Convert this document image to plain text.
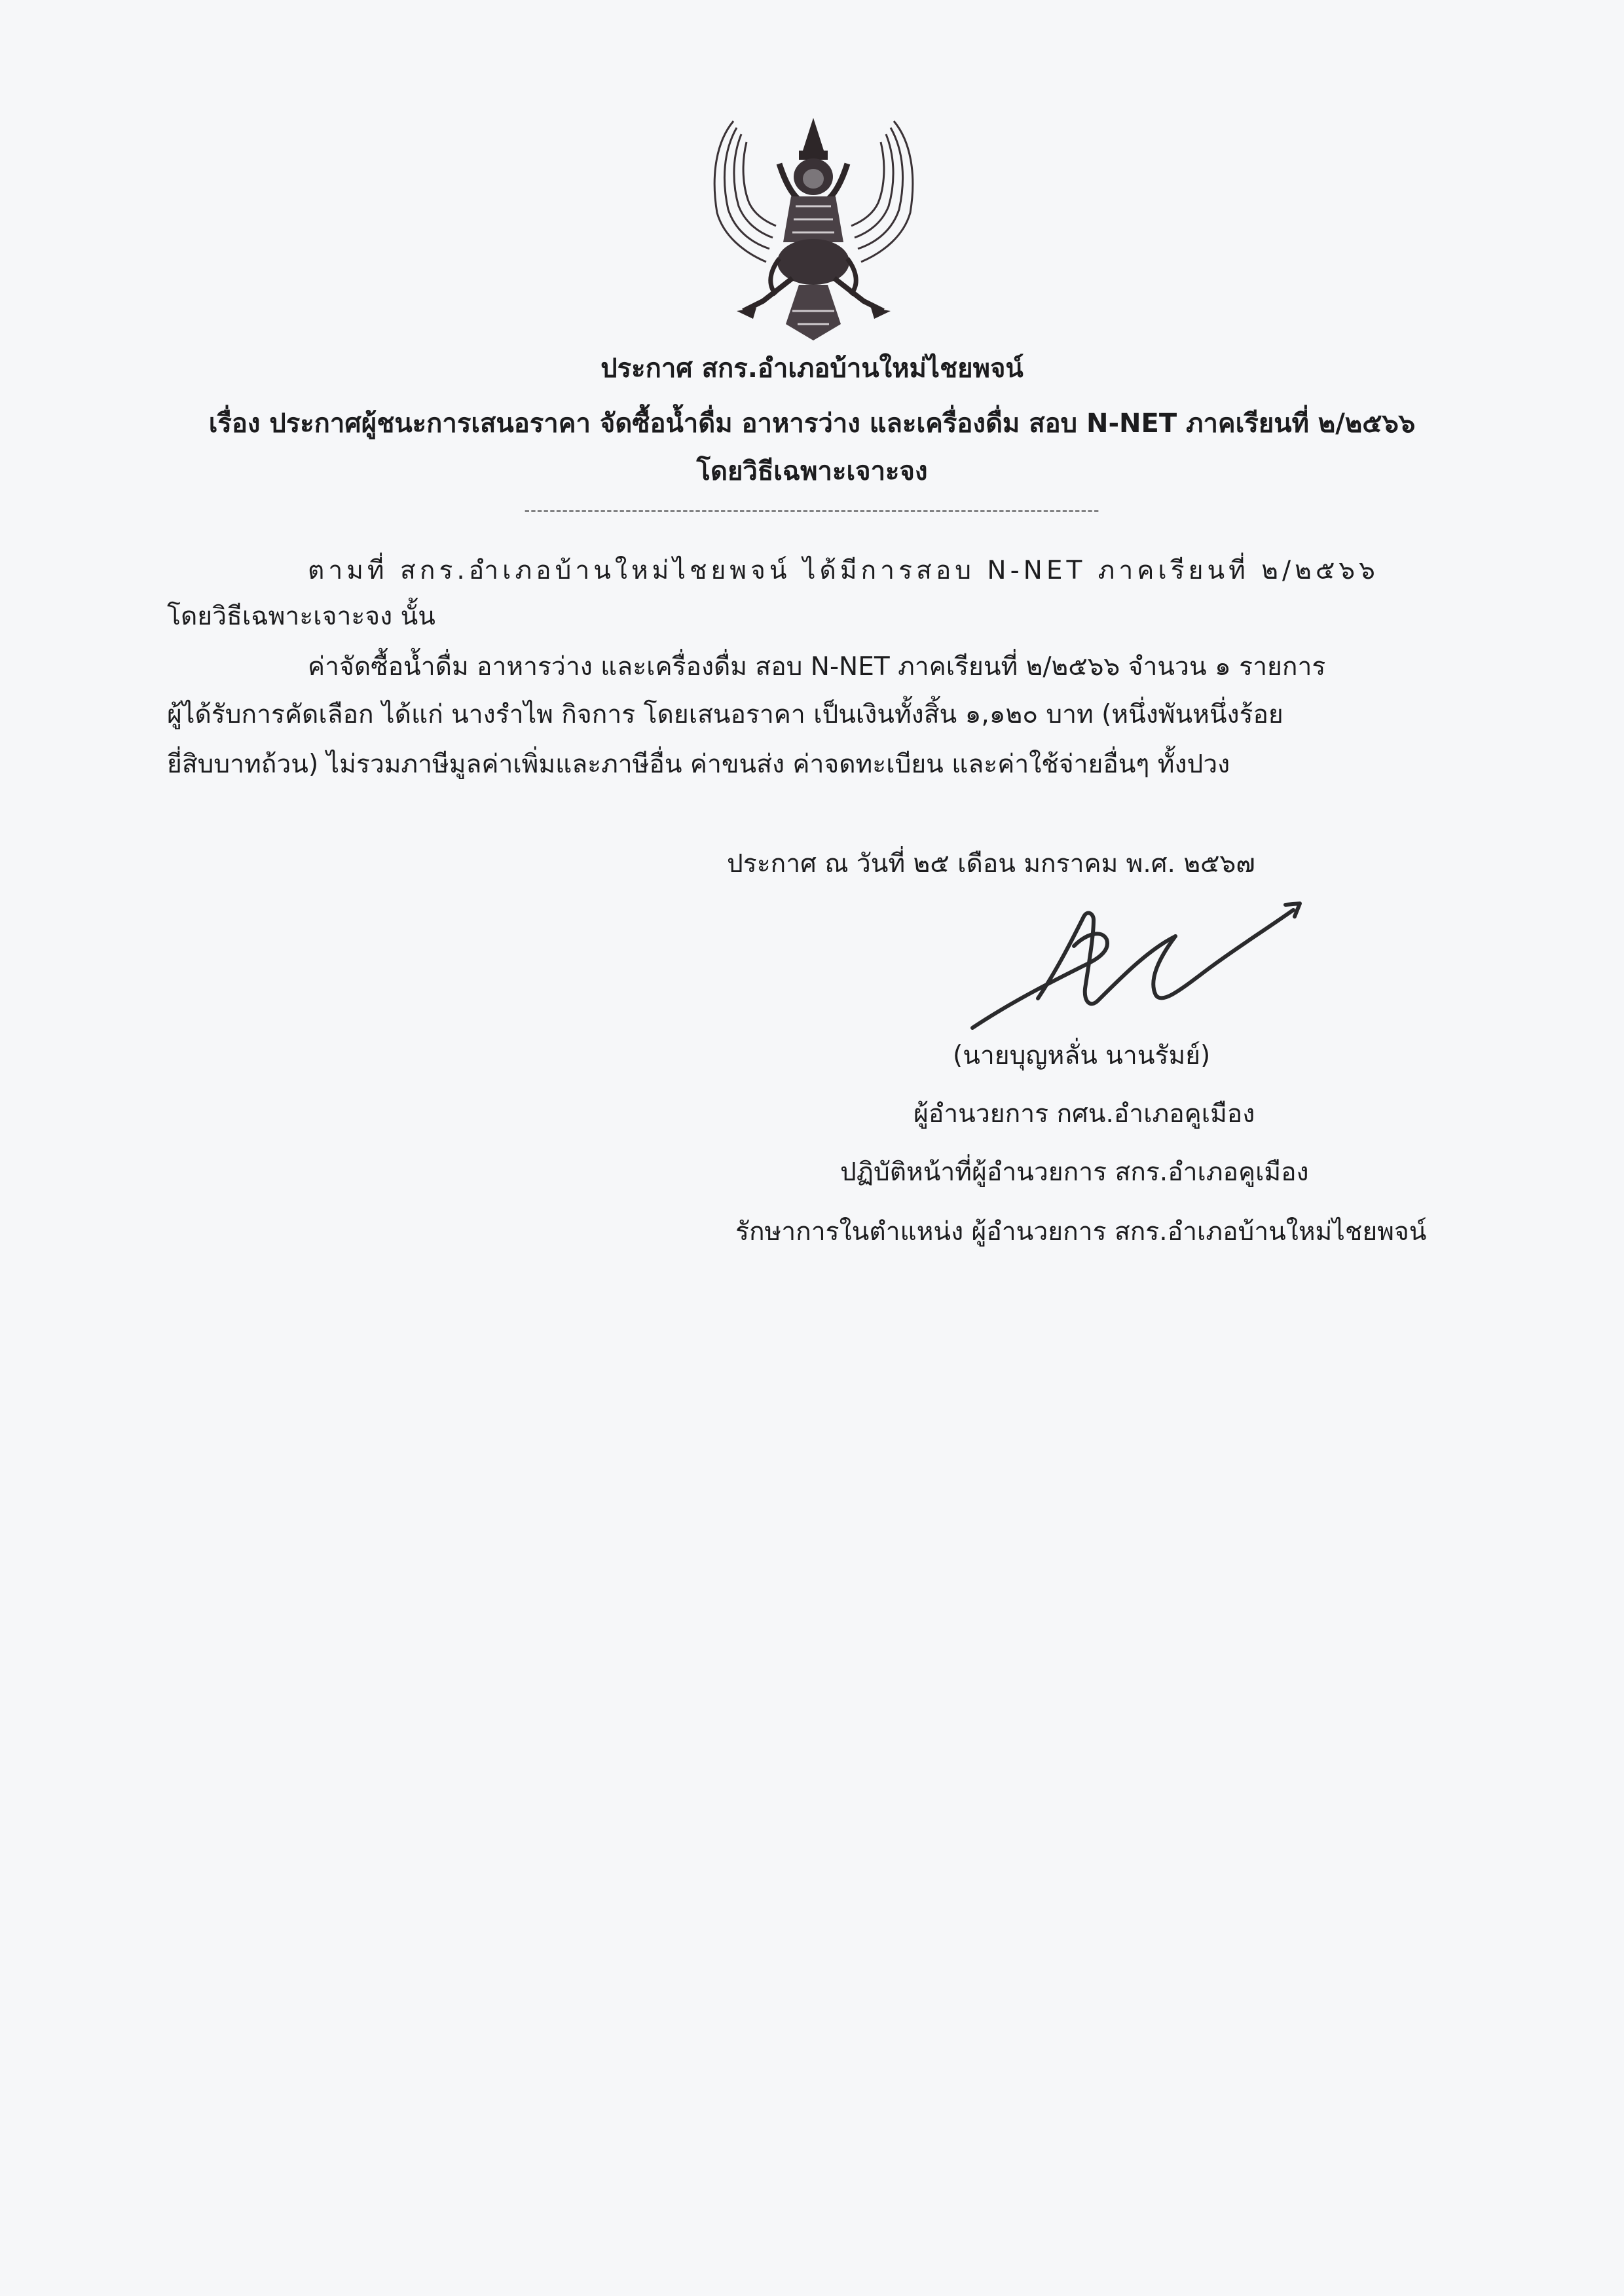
ประกาศ สกร.อำเภอบ้านใหม่ไชยพจน์
เรื่อง ประกาศผู้ชนะการเสนอราคา จัดซื้อน้ำดื่ม อาหารว่าง และเครื่องดื่ม สอบ N-NET ภาคเรียนที่ ๒/๒๕๖๖
โดยวิธีเฉพาะเจาะจง
-------------------------------------------------------------------------------------------
ตามที่ สกร.อำเภอบ้านใหม่ไชยพจน์ ได้มีการสอบ N-NET ภาคเรียนที่ ๒/๒๕๖๖
โดยวิธีเฉพาะเจาะจง นั้น
ค่าจัดซื้อน้ำดื่ม อาหารว่าง และเครื่องดื่ม สอบ N-NET ภาคเรียนที่ ๒/๒๕๖๖ จำนวน ๑ รายการ
ผู้ได้รับการคัดเลือก ได้แก่ นางรำไพ กิจการ โดยเสนอราคา เป็นเงินทั้งสิ้น ๑,๑๒๐ บาท (หนึ่งพันหนึ่งร้อย
ยี่สิบบาทถ้วน) ไม่รวมภาษีมูลค่าเพิ่มและภาษีอื่น ค่าขนส่ง ค่าจดทะเบียน และค่าใช้จ่ายอื่นๆ ทั้งปวง
ประกาศ ณ วันที่ ๒๕ เดือน มกราคม พ.ศ. ๒๕๖๗
(นายบุญหลั่น นานรัมย์)
ผู้อำนวยการ กศน.อำเภอคูเมือง
ปฏิบัติหน้าที่ผู้อำนวยการ สกร.อำเภอคูเมือง
รักษาการในตำแหน่ง ผู้อำนวยการ สกร.อำเภอบ้านใหม่ไชยพจน์
